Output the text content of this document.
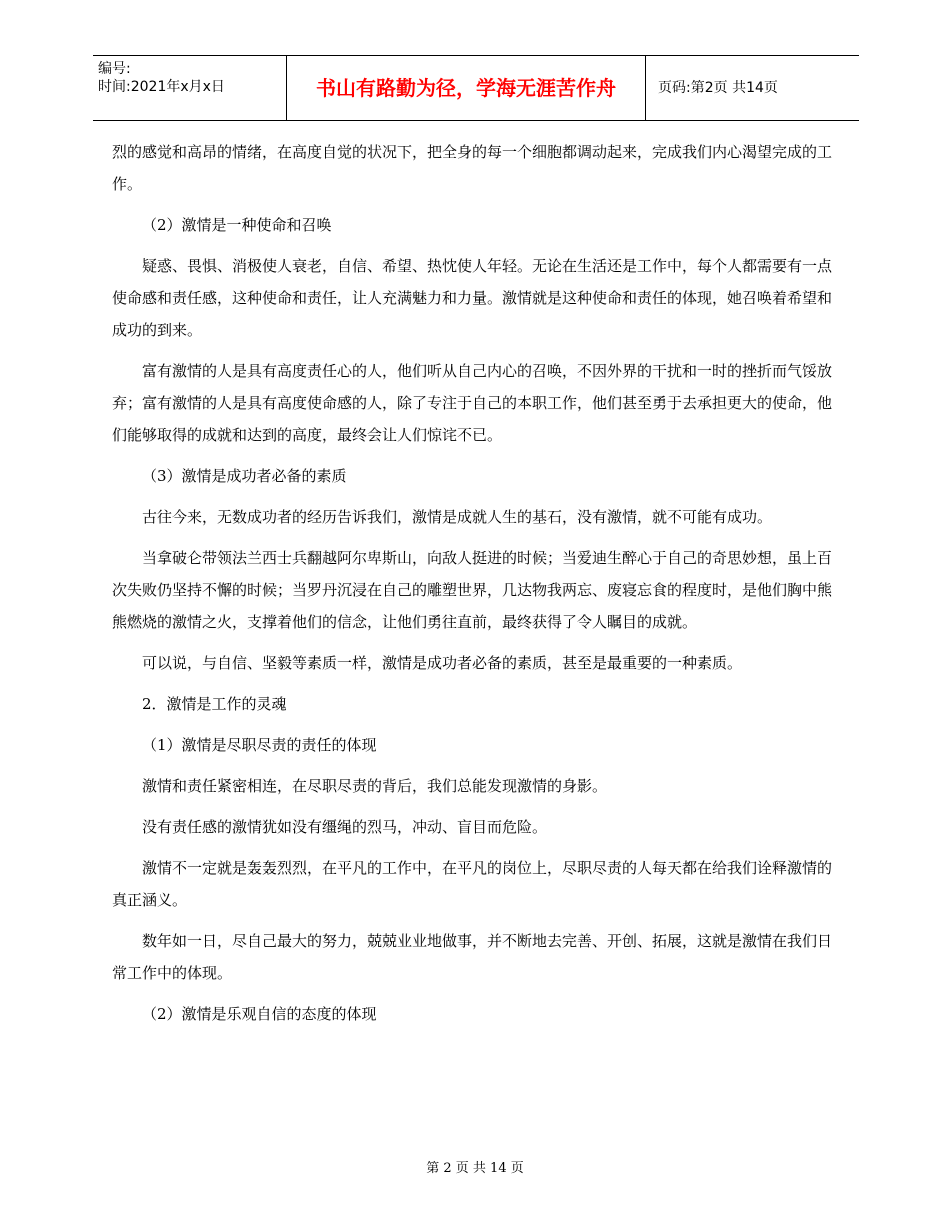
编号:
时间:2021年x月x日	书山有路勤为径，学海无涯苦作舟	页码:第2页 共14页

烈的感觉和高昂的情绪，在高度自觉的状况下，把全身的每一个细胞都调动起来，完成我们内心渴望完成的工作。

（2）激情是一种使命和召唤

疑惑、畏惧、消极使人衰老，自信、希望、热忱使人年轻。无论在生活还是工作中，每个人都需要有一点使命感和责任感，这种使命和责任，让人充满魅力和力量。激情就是这种使命和责任的体现，她召唤着希望和成功的到来。

富有激情的人是具有高度责任心的人，他们听从自己内心的召唤，不因外界的干扰和一时的挫折而气馁放弃；富有激情的人是具有高度使命感的人，除了专注于自己的本职工作，他们甚至勇于去承担更大的使命，他们能够取得的成就和达到的高度，最终会让人们惊诧不已。

（3）激情是成功者必备的素质

古往今来，无数成功者的经历告诉我们，激情是成就人生的基石，没有激情，就不可能有成功。

当拿破仑带领法兰西士兵翻越阿尔卑斯山，向敌人挺进的时候；当爱迪生醉心于自己的奇思妙想，虽上百次失败仍坚持不懈的时候；当罗丹沉浸在自己的雕塑世界，几达物我两忘、废寝忘食的程度时，是他们胸中熊熊燃烧的激情之火，支撑着他们的信念，让他们勇往直前，最终获得了令人瞩目的成就。

可以说，与自信、坚毅等素质一样，激情是成功者必备的素质，甚至是最重要的一种素质。

2．激情是工作的灵魂

（1）激情是尽职尽责的责任的体现

激情和责任紧密相连，在尽职尽责的背后，我们总能发现激情的身影。

没有责任感的激情犹如没有缰绳的烈马，冲动、盲目而危险。

激情不一定就是轰轰烈烈，在平凡的工作中，在平凡的岗位上，尽职尽责的人每天都在给我们诠释激情的真正涵义。

数年如一日，尽自己最大的努力，兢兢业业地做事，并不断地去完善、开创、拓展，这就是激情在我们日常工作中的体现。

（2）激情是乐观自信的态度的体现

第 2 页 共 14 页
